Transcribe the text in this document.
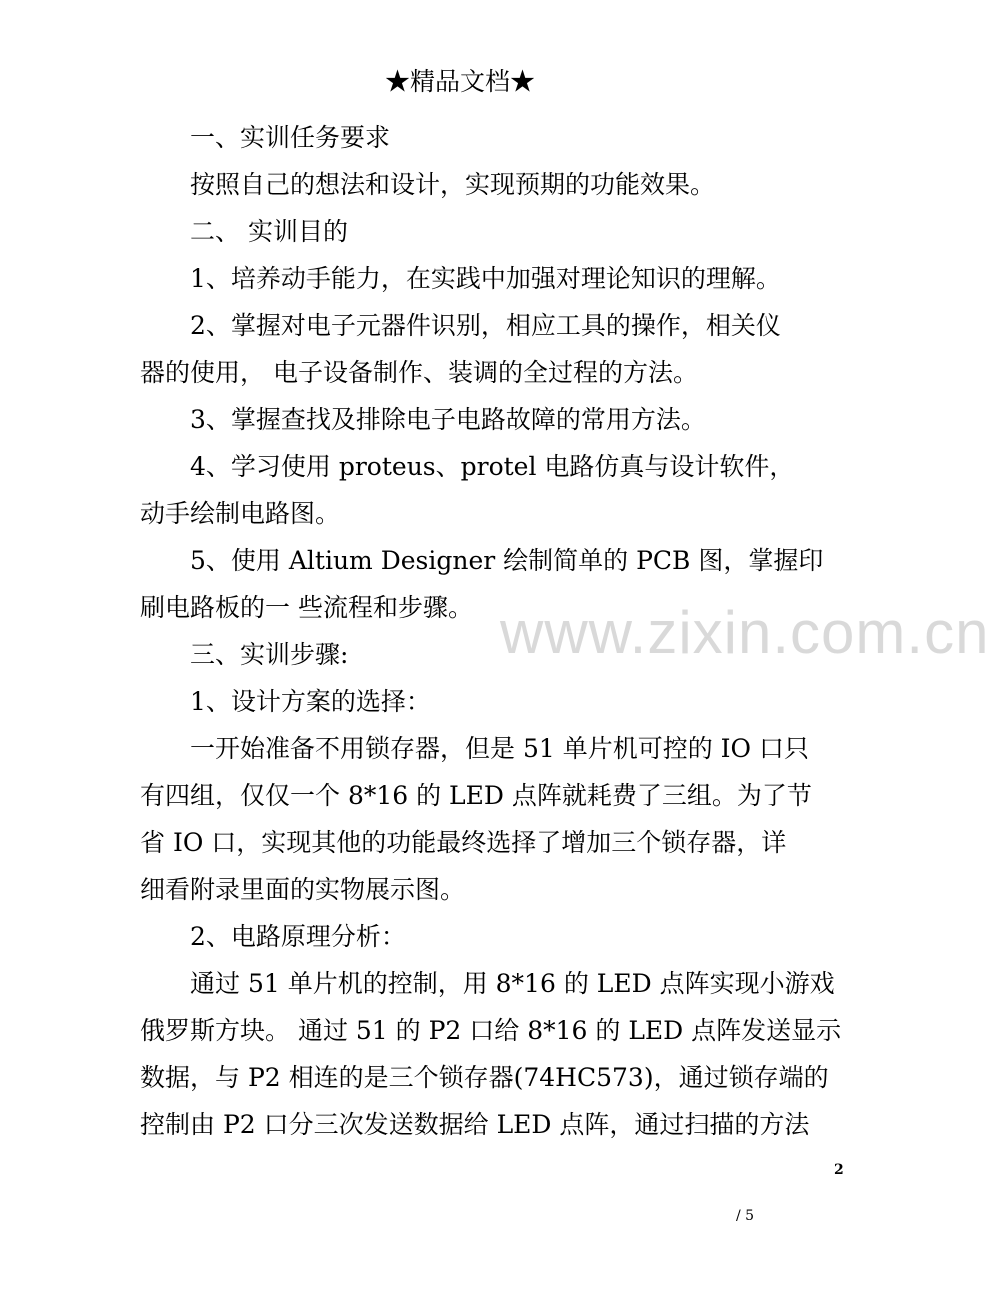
★精品文档★

一、实训任务要求

按照自己的想法和设计，实现预期的功能效果。

二、 实训目的

1、培养动手能力，在实践中加强对理论知识的理解。

2、掌握对电子元器件识别，相应工具的操作，相关仪

器的使用， 电子设备制作、装调的全过程的方法。

3、掌握查找及排除电子电路故障的常用方法。

4、学习使用 proteus、protel 电路仿真与设计软件，

动手绘制电路图。

5、使用 Altium Designer 绘制简单的 PCB 图，掌握印

刷电路板的一 些流程和步骤。

三、实训步骤:

1、设计方案的选择：

一开始准备不用锁存器，但是 51 单片机可控的 IO 口只

有四组，仅仅一个 8*16 的 LED 点阵就耗费了三组。为了节

省 IO 口，实现其他的功能最终选择了增加三个锁存器，详

细看附录里面的实物展示图。

2、电路原理分析：

通过 51 单片机的控制，用 8*16 的 LED 点阵实现小游戏

俄罗斯方块。 通过 51 的 P2 口给 8*16 的 LED 点阵发送显示

数据，与 P2 相连的是三个锁存器(74HC573)，通过锁存端的

控制由 P2 口分三次发送数据给 LED 点阵，通过扫描的方法

www.zixin.com.cn
2
/ 5
